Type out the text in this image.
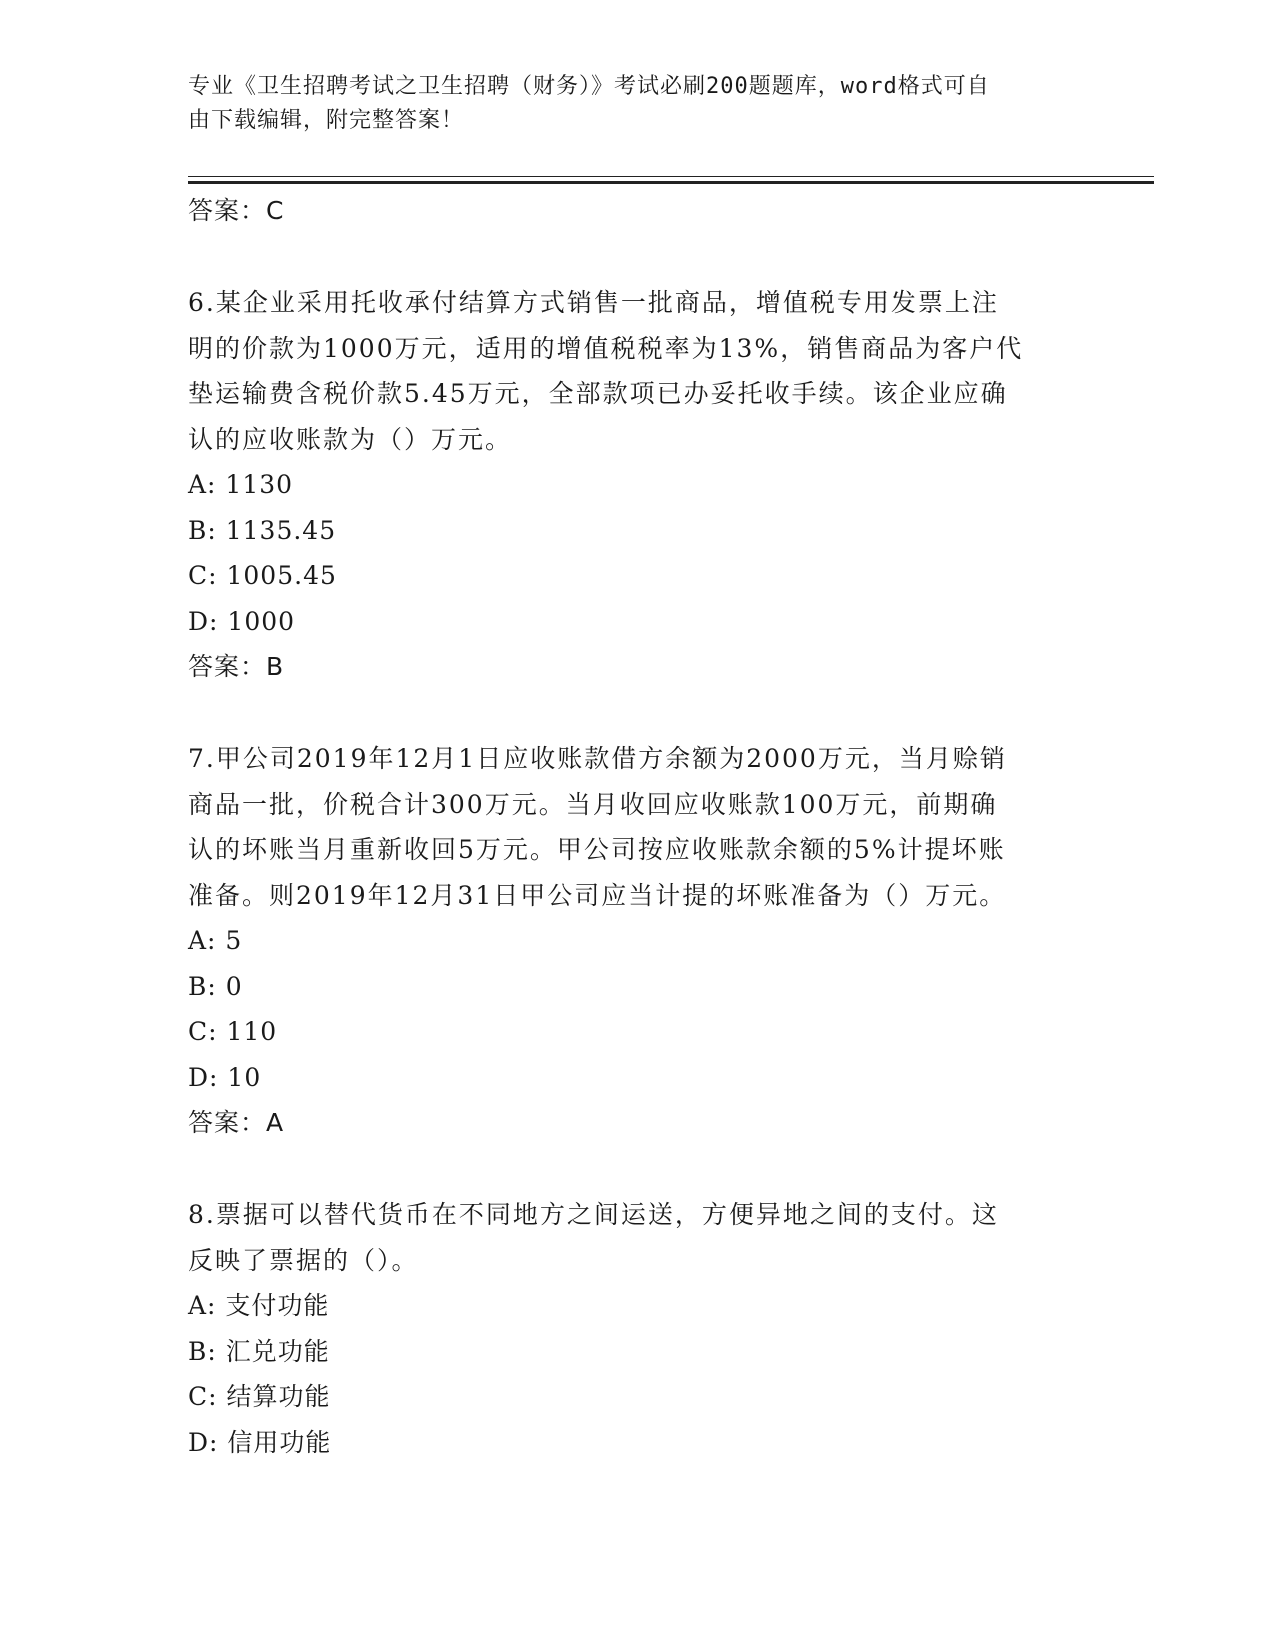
专业《卫生招聘考试之卫生招聘（财务）》考试必刷200题题库，word格式可自
由下载编辑，附完整答案！
答案：C

6.某企业采用托收承付结算方式销售一批商品，增值税专用发票上注
明的价款为1000万元，适用的增值税税率为13%，销售商品为客户代
垫运输费含税价款5.45万元，全部款项已办妥托收手续。该企业应确
认的应收账款为（）万元。

A: 1130
B: 1135.45
C: 1005.45
D: 1000
答案：B

7.甲公司2019年12月1日应收账款借方余额为2000万元，当月赊销
商品一批，价税合计300万元。当月收回应收账款100万元，前期确
认的坏账当月重新收回5万元。甲公司按应收账款余额的5%计提坏账
准备。则2019年12月31日甲公司应当计提的坏账准备为（）万元。

A: 5
B: 0
C: 110
D: 10
答案：A

8.票据可以替代货币在不同地方之间运送，方便异地之间的支付。这
反映了票据的（）。

A: 支付功能
B: 汇兑功能
C: 结算功能
D: 信用功能
